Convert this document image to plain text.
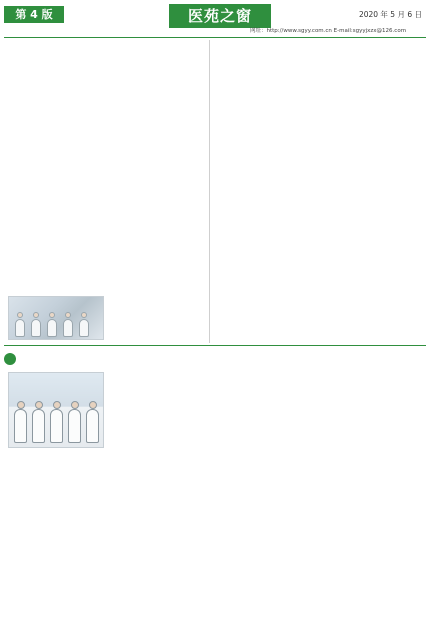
第 4 版	医苑之窗	2020 年 5 月 6 日
网址：http://www.sgyy.com.cn E-mail:sgyyjxzx@126.com
